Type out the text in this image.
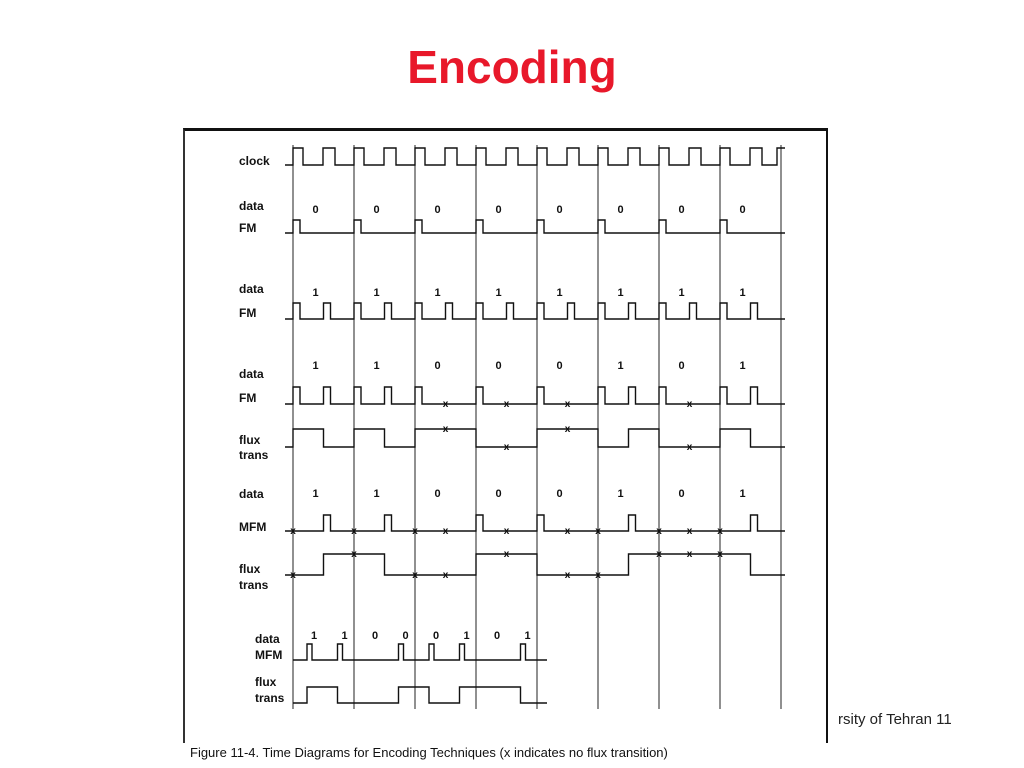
Encoding
clock
data
FM
0	0	0	0	0	0	0	0
data
FM
1	1	1	1	1	1	1	1
data
FM
flux
trans
1	1	0	0	0	1	0	1
x
x
x
x
x
x
x
x
data
MFM
flux
trans
1	1	0	0	0	1	0	1
x
x
x
x
x
x
x
x
x
x
x
x
x
x
x
x
x
x
x
x
data
MFM
flux
trans
1 1 0 0 0 1 0 1
rsity of Tehran 11
Figure 11-4. Time Diagrams for Encoding Techniques (x indicates no flux transition)
